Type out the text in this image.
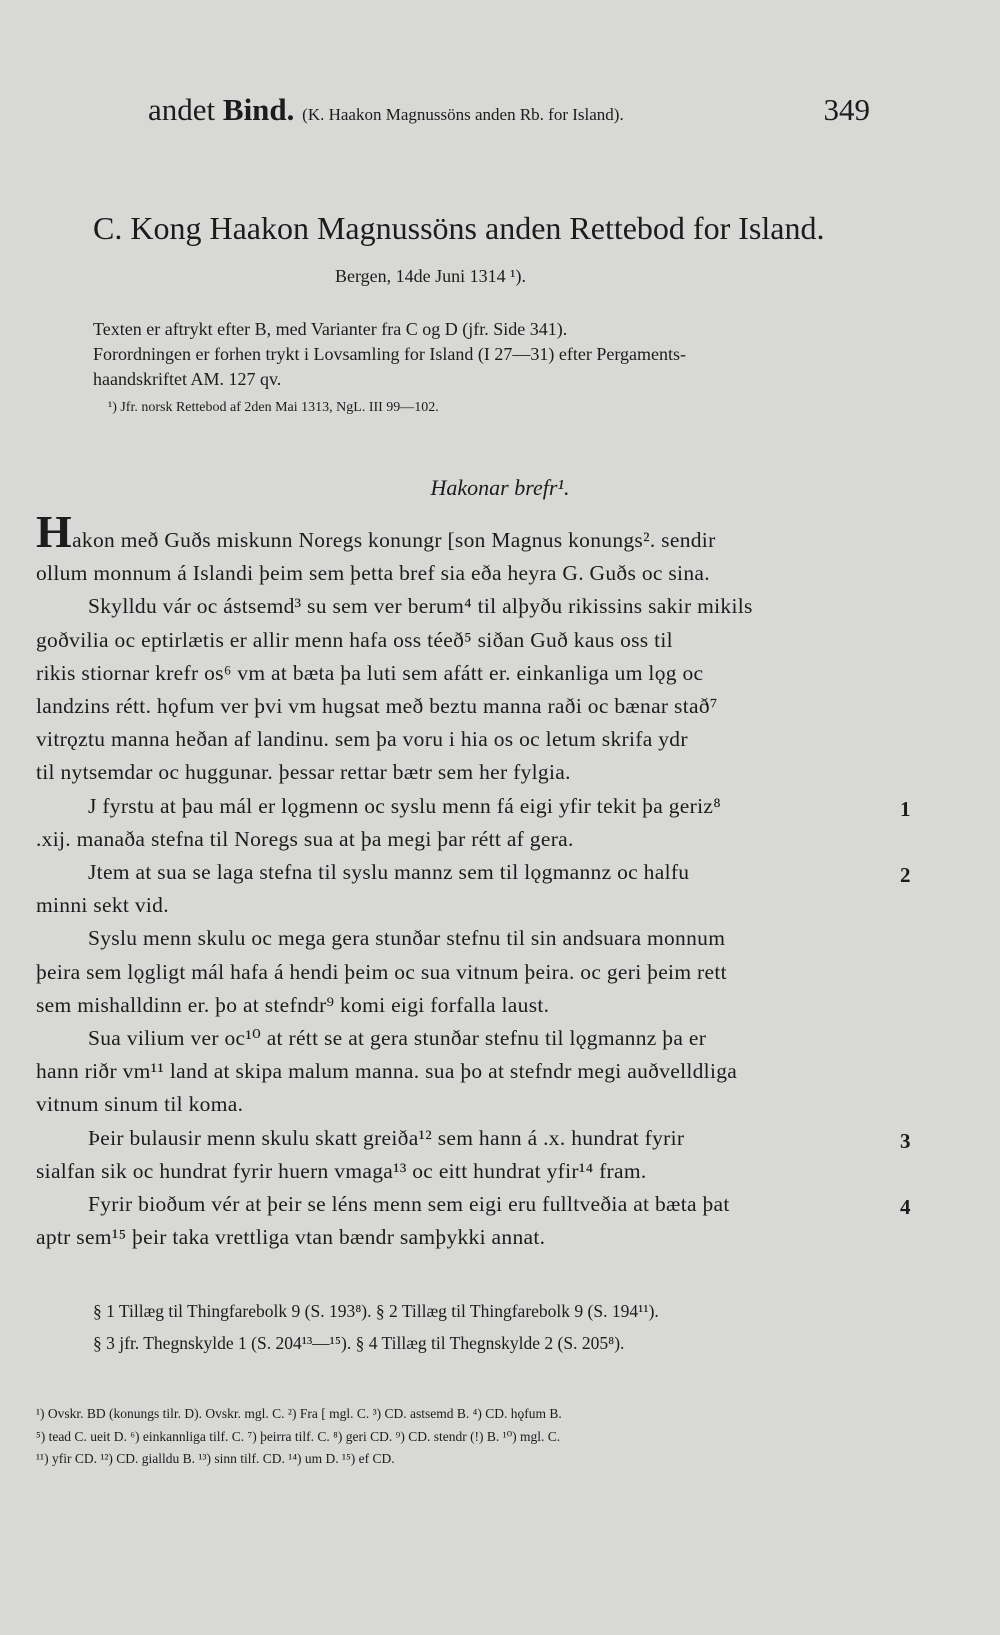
andet Bind. (K. Haakon Magnussöns anden Rb. for Island).	349
C. Kong Haakon Magnussöns anden Rettebod for Island.
Bergen, 14de Juni 1314 ¹).

Texten er aftrykt efter B, med Varianter fra C og D (jfr. Side 341).

Forordningen er forhen trykt i Lovsamling for Island (I 27—31) efter Pergaments-

haandskriftet AM. 127 qv.

¹) Jfr. norsk Rettebod af 2den Mai 1313, NgL. III 99—102.
Hakonar brefr¹.

Hakon með Guðs miskunn Noregs konungr [son Magnus konungs². sendir

ollum monnum á Islandi þeim sem þetta bref sia eða heyra G. Guðs oc sina.

Skylldu vár oc ástsemd³ su sem ver berum⁴ til alþyðu rikissins sakir mikils

goðvilia oc eptirlætis er allir menn hafa oss téeð⁵ siðan Guð kaus oss til

rikis stiornar krefr os⁶ vm at bæta þa luti sem afátt er. einkanliga um lǫg oc

landzins rétt. hǫfum ver þvi vm hugsat með beztu manna raði oc bænar stað⁷

vitrǫztu manna heðan af landinu. sem þa voru i hia os oc letum skrifa ydr

til nytsemdar oc huggunar. þessar rettar bætr sem her fylgia.

J fyrstu at þau mál er lǫgmenn oc syslu menn fá eigi yfir tekit þa geriz⁸

.xij. manaða stefna til Noregs sua at þa megi þar rétt af gera.

Jtem at sua se laga stefna til syslu mannz sem til lǫgmannz oc halfu

minni sekt vid.

Syslu menn skulu oc mega gera stunðar stefnu til sin andsuara monnum

þeira sem lǫgligt mál hafa á hendi þeim oc sua vitnum þeira. oc geri þeim rett

sem mishalldinn er. þo at stefndr⁹ komi eigi forfalla laust.

Sua vilium ver oc¹⁰ at rétt se at gera stunðar stefnu til lǫgmannz þa er

hann riðr vm¹¹ land at skipa malum manna. sua þo at stefndr megi auðvelldliga

vitnum sinum til koma.

Þeir bulausir menn skulu skatt greiða¹² sem hann á .x. hundrat fyrir

sialfan sik oc hundrat fyrir huern vmaga¹³ oc eitt hundrat yfir¹⁴ fram.

Fyrir bioðum vér at þeir se léns menn sem eigi eru fulltveðia at bæta þat

aptr sem¹⁵ þeir taka vrettliga vtan bændr samþykki annat.

1
2
3
4

§ 1 Tillæg til Thingfarebolk 9 (S. 193⁸). § 2 Tillæg til Thingfarebolk 9 (S. 194¹¹).

§ 3 jfr. Thegnskylde 1 (S. 204¹³—¹⁵). § 4 Tillæg til Thegnskylde 2 (S. 205⁸).

¹) Ovskr. BD (konungs tilr. D). Ovskr. mgl. C. ²) Fra [ mgl. C. ³) CD. astsemd B. ⁴) CD. hǫfum B.

⁵) tead C. ueit D. ⁶) einkannliga tilf. C. ⁷) þeirra tilf. C. ⁸) geri CD. ⁹) CD. stendr (!) B. ¹⁰) mgl. C.

¹¹) yfir CD. ¹²) CD. gialldu B. ¹³) sinn tilf. CD. ¹⁴) um D. ¹⁵) ef CD.
